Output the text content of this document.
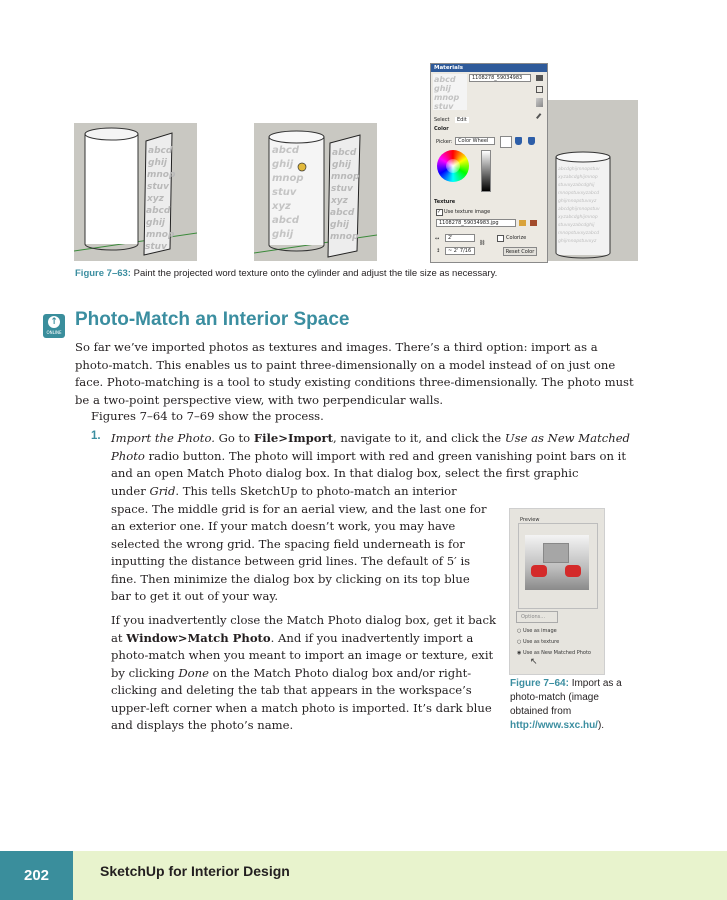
abcd
ghij
mnop
stuv
xyz
abcd
ghij
mnop
stuv
abcd
ghij
mnop
stuv
xyz
abcd
ghij
abcd
ghij
mnop
stuv
xyz
abcd
ghij
mnop
abcdghijmnopstuv
xyzabcdghijmnop
stuvxyzabcdghij
mnopstuvxyzabcd
ghijmnopstuvxyz
abcdghijmnopstuv
xyzabcdghijmnop
stuvxyzabcdghij
mnopstuvxyzabcd
ghijmnopstuvxyz
Materials
abcd
ghij
mnop
stuv
1108278_59034983
Select	Edit
Color
Picker:	Color Wheel
Texture
✓ Use texture image
1108278_59034983.jpg
↔	2'
↕	~ 2' 7/16
⛓
Colorize
Reset Color
Figure 7–63: Paint the projected word texture onto the cylinder and adjust the tile size as necessary.
↑
ONLINE
Photo-Match an Interior Space
So far we’ve imported photos as textures and images. There’s a third option: import as a photo-match. This enables us to paint three-dimensionally on a model instead of on just one face. Photo-matching is a tool to study existing conditions three-dimensionally. The photo must be a two-point perspective view, with two perpendicular walls.
Figures 7–64 to 7–69 show the process.
1. Import the Photo. Go to File>Import, navigate to it, and click the Use as New Matched Photo radio button. The photo will import with red and green vanishing point bars on it and an open Match Photo dialog box. In that dialog box, select the first graphic
under Grid. This tells SketchUp to photo-match an interior space. The middle grid is for an aerial view, and the last one for an exterior one. If your match doesn’t work, you may have selected the wrong grid. The spacing field underneath is for inputting the distance between grid lines. The default of 5′ is fine. Then minimize the dialog box by clicking on its top blue bar to get it out of your way.
If you inadvertently close the Match Photo dialog box, get it back at Window>Match Photo. And if you inadvertently import a photo-match when you meant to import an image or texture, exit by clicking Done on the Match Photo dialog box and/or right-clicking and deleting the tab that appears in the workspace’s upper-left corner when a match photo is imported. It’s dark blue and displays the photo’s name.
Preview
Options...
○ Use as image
○ Use as texture
◉ Use as New Matched Photo
↖
Figure 7–64: Import as a photo-match (image obtained from http://www.sxc.hu/).
202	SketchUp for Interior Design
